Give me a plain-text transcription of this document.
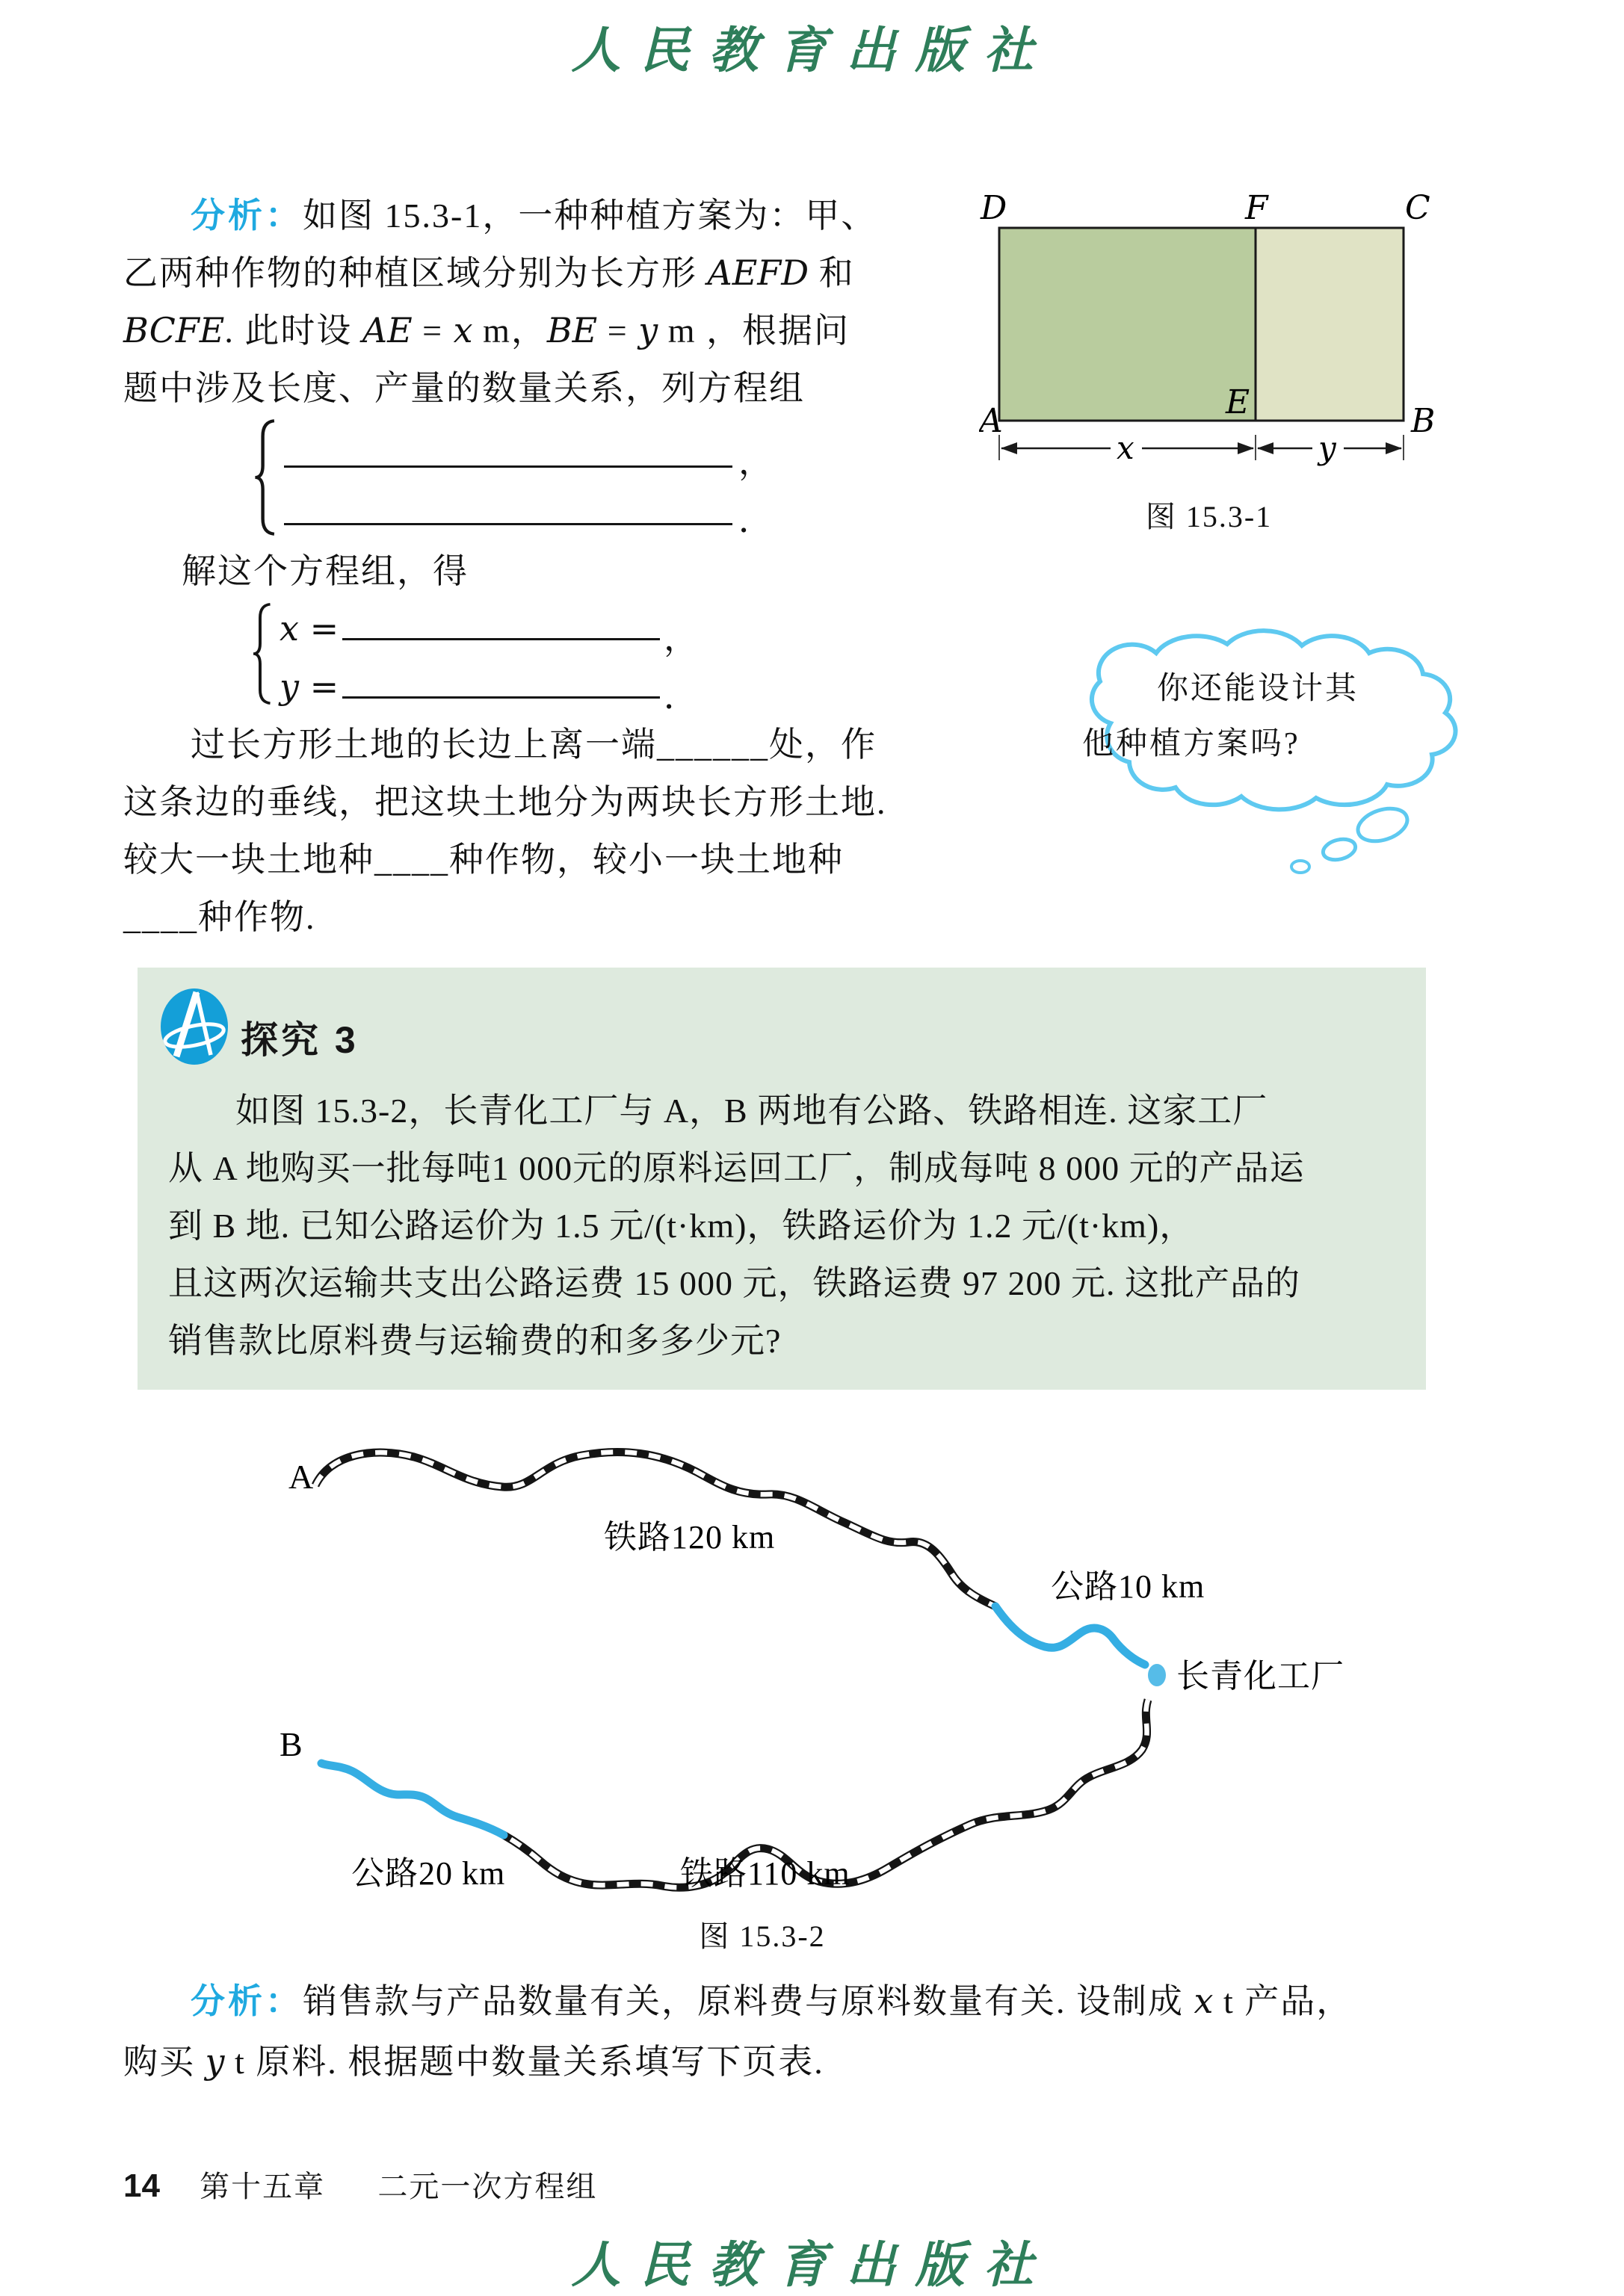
人民教育出版社
分析：如图 15.3-1，一种种植方案为：甲、
乙两种作物的种植区域分别为长方形 AEFD 和
BCFE. 此时设 AE = x m，BE = y m ，根据问
题中涉及长度、产量的数量关系，列方程组
，
．
解这个方程组，得
x =	，
y =	．
过长方形土地的长边上离一端______处，作
这条边的垂线，把这块土地分为两块长方形土地.
较大一块土地种____种作物，较小一块土地种
____种作物.
D	F	C
A	E	B
x	y
图 15.3-1
你还能设计其
他种植方案吗?
探究 3
如图 15.3-2，长青化工厂与 A，B 两地有公路、铁路相连. 这家工厂
从 A 地购买一批每吨1 000元的原料运回工厂，制成每吨 8 000 元的产品运
到 B 地. 已知公路运价为 1.5 元/(t·km)，铁路运价为 1.2 元/(t·km)，
且这两次运输共支出公路运费 15 000 元，铁路运费 97 200 元. 这批产品的
销售款比原料费与运输费的和多多少元?
A
B
铁路120 km
公路10 km
长青化工厂
公路20 km	铁路110 km
图 15.3-2
分析：销售款与产品数量有关，原料费与原料数量有关. 设制成 x t 产品，
购买 y t 原料. 根据题中数量关系填写下页表.
14 第十五章 二元一次方程组
人民教育出版社
